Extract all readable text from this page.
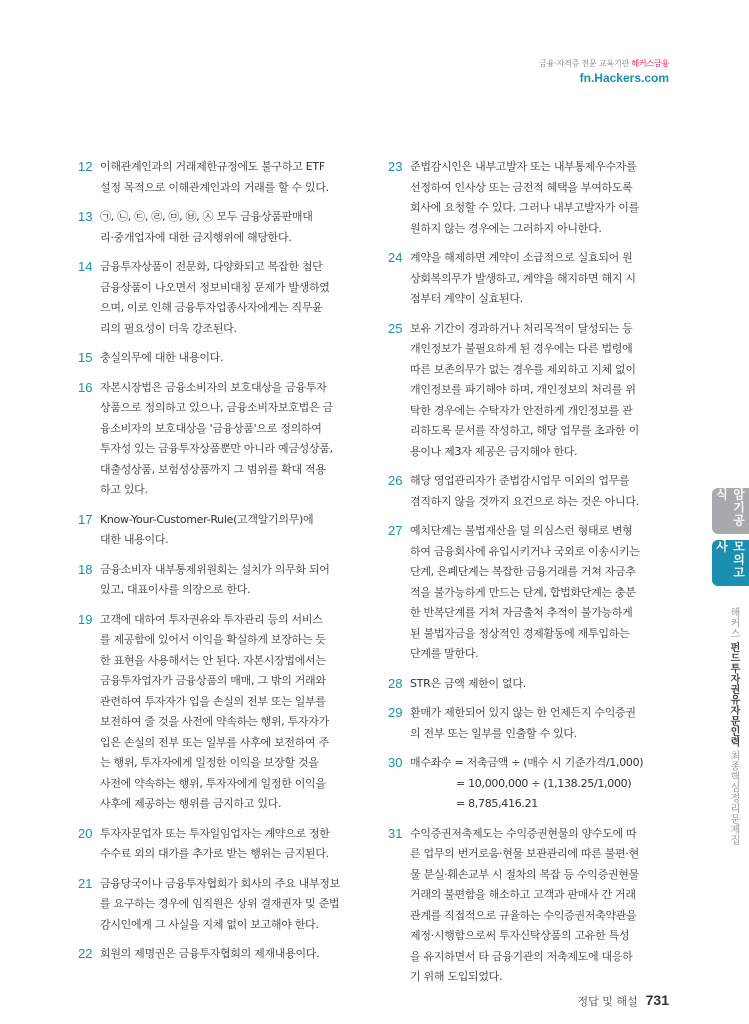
금융·자격증 전문 교육기관 해커스금융
fn.Hackers.com
12 이해관계인과의 거래제한규정에도 불구하고 ETF
설정 목적으로 이해관계인과의 거래를 할 수 있다.
13 ㉠, ㉡, ㉢, ㉣, ㉤, ㉥, ㉦ 모두 금융상품판매대
리·중개업자에 대한 금지행위에 해당한다.
14 금융투자상품이 전문화, 다양화되고 복잡한 첨단
금융상품이 나오면서 정보비대칭 문제가 발생하였
으며, 이로 인해 금융투자업종사자에게는 직무윤
리의 필요성이 더욱 강조된다.
15 충실의무에 대한 내용이다.
16 자본시장법은 금융소비자의 보호대상을 금융투자
상품으로 정의하고 있으나, 금융소비자보호법은 금
융소비자의 보호대상을 '금융상품'으로 정의하여
투자성 있는 금융투자상품뿐만 아니라 예금성상품,
대출성상품, 보험성상품까지 그 범위를 확대 적용
하고 있다.
17 Know-Your-Customer-Rule(고객알기의무)에
대한 내용이다.
18 금융소비자 내부통제위원회는 설치가 의무화 되어
있고, 대표이사를 의장으로 한다.
19 고객에 대하여 투자권유와 투자관리 등의 서비스
를 제공함에 있어서 이익을 확실하게 보장하는 듯
한 표현을 사용해서는 안 된다. 자본시장법에서는
금융투자업자가 금융상품의 매매, 그 밖의 거래와
관련하여 투자자가 입을 손실의 전부 또는 일부를
보전하여 줄 것을 사전에 약속하는 행위, 투자자가
입은 손실의 전부 또는 일부를 사후에 보전하여 주
는 행위, 투자자에게 일정한 이익을 보장할 것을
사전에 약속하는 행위, 투자자에게 일정한 이익을
사후에 제공하는 행위를 금지하고 있다.
20 투자자문업자 또는 투자일임업자는 계약으로 정한
수수료 외의 대가를 추가로 받는 행위는 금지된다.
21 금융당국이나 금융투자협회가 회사의 주요 내부정보
를 요구하는 경우에 임직원은 상위 결재권자 및 준법
감시인에게 그 사실을 지체 없이 보고해야 한다.
22 회원의 제명권은 금융투자협회의 제재내용이다.
23 준법감시인은 내부고발자 또는 내부통제우수자를
선정하여 인사상 또는 금전적 혜택을 부여하도록
회사에 요청할 수 있다. 그러나 내부고발자가 이를
원하지 않는 경우에는 그러하지 아니한다.
24 계약을 해제하면 계약이 소급적으로 실효되어 원
상회복의무가 발생하고, 계약을 해지하면 해지 시
점부터 계약이 실효된다.
25 보유 기간이 경과하거나 처리목적이 달성되는 등
개인정보가 불필요하게 된 경우에는 다른 법령에
따른 보존의무가 없는 경우를 제외하고 지체 없이
개인정보를 파기해야 하며, 개인정보의 처리를 위
탁한 경우에는 수탁자가 안전하게 개인정보를 관
리하도록 문서를 작성하고, 해당 업무를 초과한 이
용이나 제3자 제공은 금지해야 한다.
26 해당 영업관리자가 준법감시업무 이외의 업무를
겸직하지 않을 것까지 요건으로 하는 것은 아니다.
27 예치단계는 불법재산을 덜 의심스런 형태로 변형
하여 금융회사에 유입시키거나 국외로 이송시키는
단계, 은폐단계는 복잡한 금융거래를 거쳐 자금추
적을 불가능하게 만드는 단계, 합법화단계는 충분
한 반복단계를 거쳐 자금출처 추적이 불가능하게
된 불법자금을 정상적인 경제활동에 재투입하는
단계를 말한다.
28 STR은 금액 제한이 없다.
29 환매가 제한되어 있지 않는 한 언제든지 수익증권
의 전부 또는 일부를 인출할 수 있다.
30 매수좌수 = 저축금액 ÷ (매수 시 기준가격/1,000)
　　　　 = 10,000,000 ÷ (1,138.25/1,000)
　　　　 = 8,785,416.21
31 수익증권저축제도는 수익증권현물의 양수도에 따
른 업무의 번거로움·현물 보관관리에 따른 불편·현
물 분실·훼손교부 시 절차의 복잡 등 수익증권현물
거래의 불편함을 해소하고 고객과 판매사 간 거래
관계를 직접적으로 규율하는 수익증권저축약관을
제정·시행함으로써 투자신탁상품의 고유한 특성
을 유지하면서 타 금융기관의 저축제도에 대응하
기 위해 도입되었다.
암기공식
모의고사
해커스 펀드투자권유자문인력 최종핵심정리문제집
정답 및 해설 731
